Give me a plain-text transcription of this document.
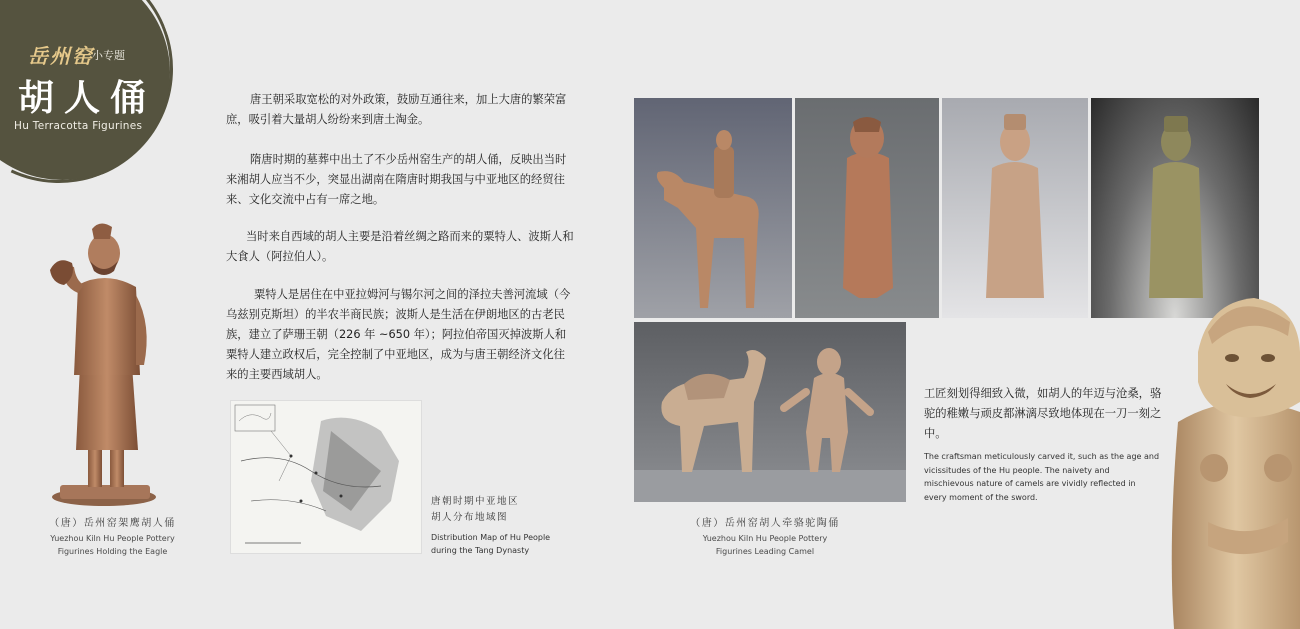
岳州窑
小专题
胡人俑
Hu Terracotta Figurines
（唐）岳州窑架鹰胡人俑
Yuezhou Kiln Hu People Pottery
Figurines Holding the Eagle
唐王朝采取宽松的对外政策，鼓励互通往来，加上大唐的繁荣富庶，吸引着大量胡人纷纷来到唐土淘金。
隋唐时期的墓葬中出土了不少岳州窑生产的胡人俑，反映出当时来湘胡人应当不少，突显出湖南在隋唐时期我国与中亚地区的经贸往来、文化交流中占有一席之地。
当时来自西域的胡人主要是沿着丝绸之路而来的粟特人、波斯人和大食人（阿拉伯人）。
粟特人是居住在中亚拉姆河与锡尔河之间的泽拉夫善河流域（今乌兹别克斯坦）的半农半商民族；波斯人是生活在伊朗地区的古老民族，建立了萨珊王朝（226 年 ~650 年）；阿拉伯帝国灭掉波斯人和粟特人建立政权后，完全控制了中亚地区，成为与唐王朝经济文化往来的主要西域胡人。
唐朝时期中亚地区
胡人分布地域图
Distribution Map of Hu People
during the Tang Dynasty
（唐）岳州窑胡人牵骆驼陶俑
Yuezhou Kiln Hu People Pottery
Figurines Leading Camel
工匠刻划得细致入微，如胡人的年迈与沧桑，骆驼的稚嫩与顽皮都淋漓尽致地体现在一刀一刻之中。
The craftsman meticulously carved it, such as the age and vicissitudes of the Hu people. The naivety and mischievous nature of camels are vividly reflected in every moment of the sword.
